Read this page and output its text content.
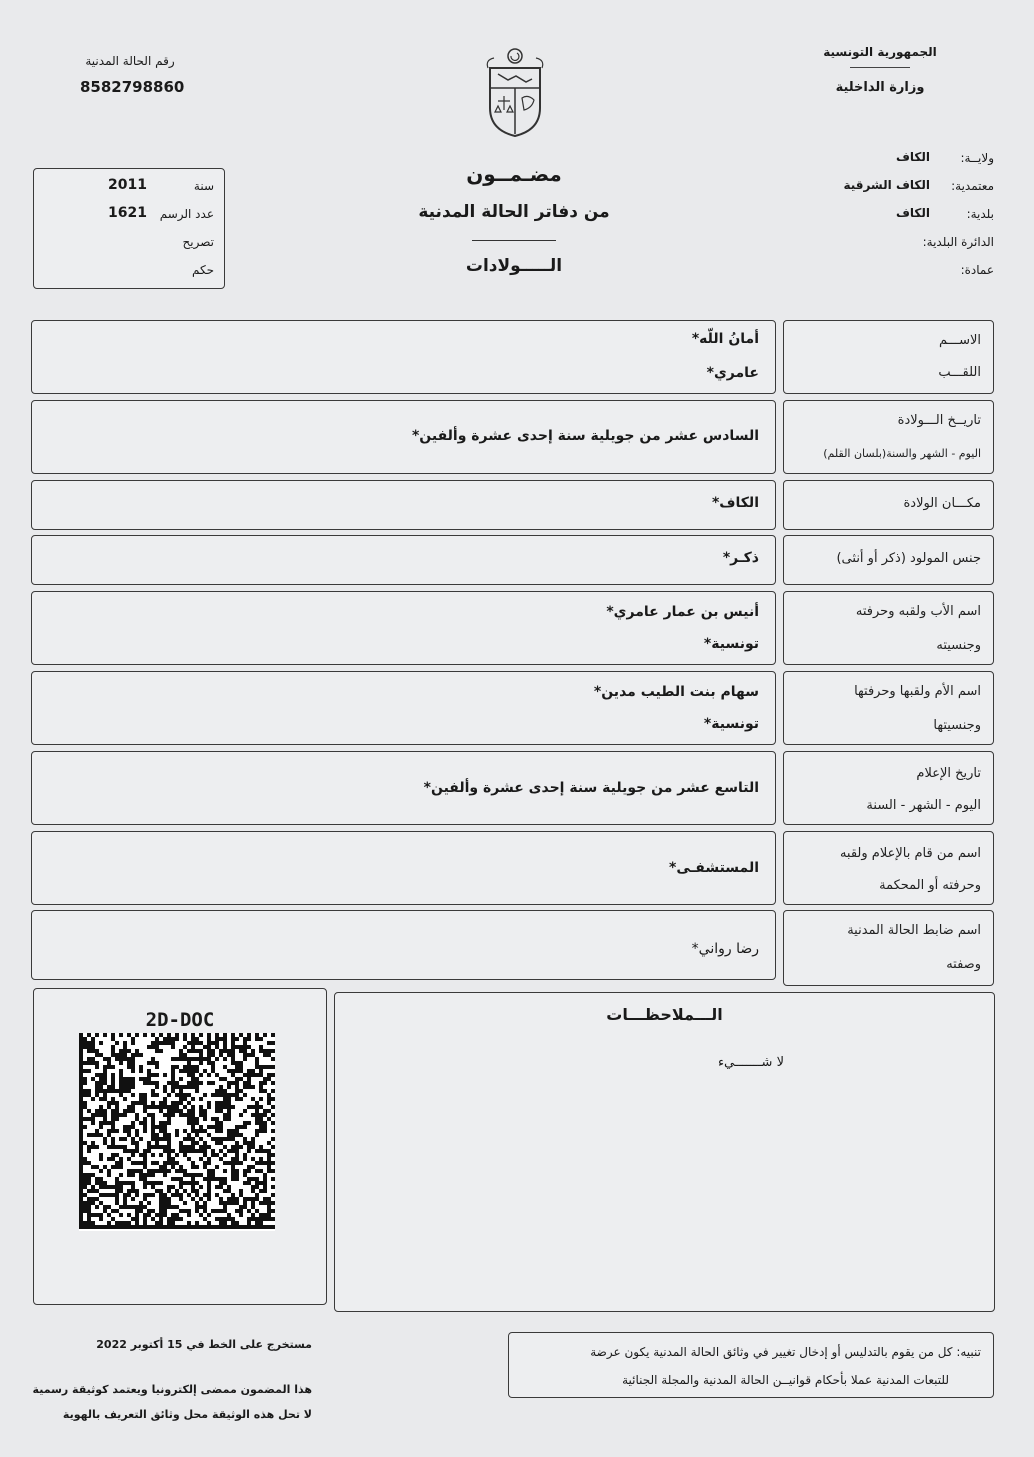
رقم الحالة المدنية
8582798860
الجمهورية التونسية
وزارة الداخلية
سنة
2011
عدد الرسم
1621
تصريح
حكم
مضـمــون
من دفاتر الحالة المدنية
الـــــولادات
ولايــة:
الكاف
معتمدية:
الكاف الشرقية
بلدية:
الكاف
الدائرة البلدية:
عمادة:
الاســـم
اللقـــب
أمانُ اللّه*
عامري*
تاريــخ الـــولادة
اليوم - الشهر والسنة(بلسان القلم)
السادس عشر من جويلية سنة إحدى عشرة وألفين*
مكـــان الولادة
الكاف*
جنس المولود (ذكر أو أنثى)
ذكـر*
اسم الأب ولقبه وحرفته
وجنسيته
أنيس بن عمار عامري*
تونسية*
اسم الأم ولقبها وحرفتها
وجنسيتها
سهام بنت الطيب مدين*
تونسية*
تاريخ الإعلام
اليوم - الشهر - السنة
التاسع عشر من جويلية سنة إحدى عشرة وألفين*
اسم من قام بالإعلام ولقبه
وحرفته أو المحكمة
المستشفـى*
اسم ضابط الحالة المدنية
وصفته
رضا رواني*
الـــملاحظـــات
لا شـــــــيء
2D-DOC
مستخرج على الخط في 15 أكتوبر 2022
هذا المضمون ممضى إلكترونيا ويعتمد كوثيقة رسمية
لا تحل هذه الوثيقة محل وثائق التعريف بالهوية
تنبيه: كل من يقوم بالتدليس أو إدخال تغيير في وثائق الحالة المدنية يكون عرضة
للتبعات المدنية عملا بأحكام قوانيــن الحالة المدنية والمجلة الجنائية
